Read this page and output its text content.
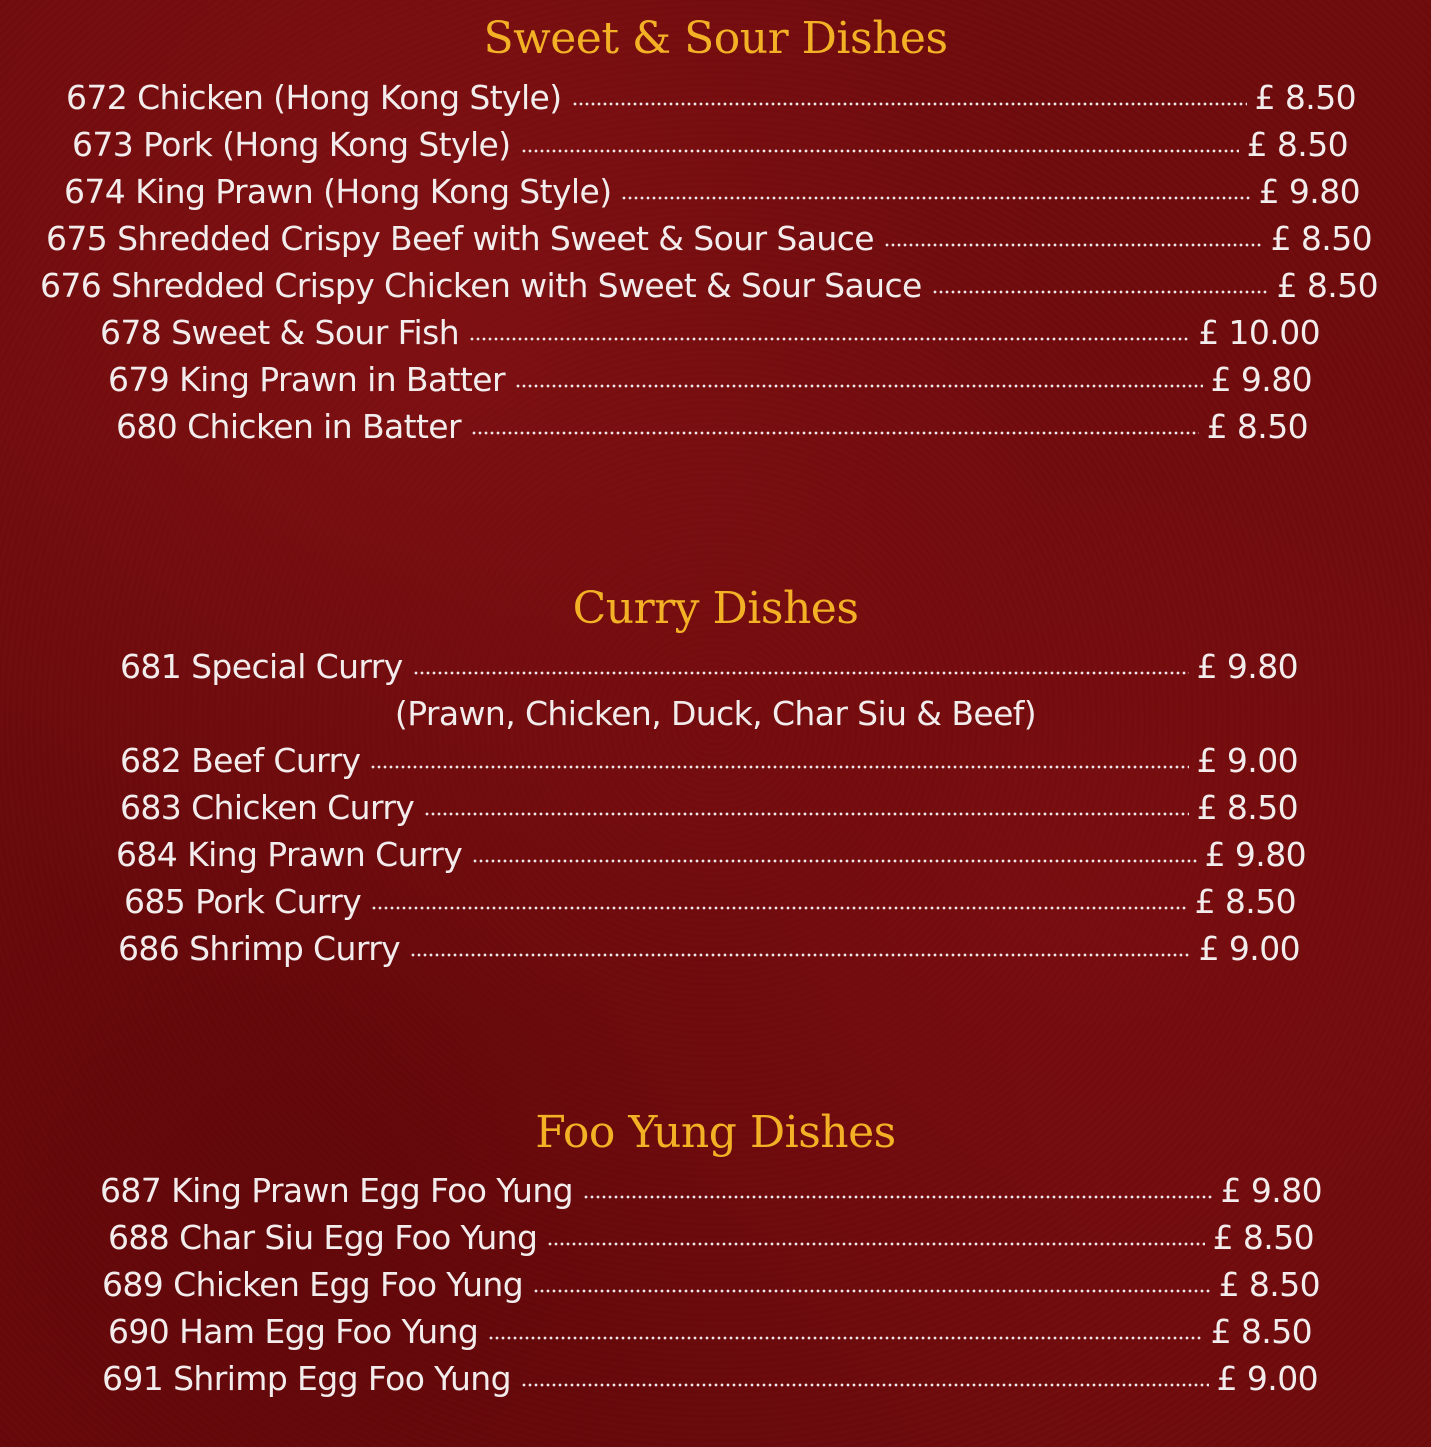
Sweet & Sour Dishes
672 Chicken (Hong Kong Style)	£ 8.50
673 Pork (Hong Kong Style)	£ 8.50
674 King Prawn (Hong Kong Style)	£ 9.80
675 Shredded Crispy Beef with Sweet & Sour Sauce	£ 8.50
676 Shredded Crispy Chicken with Sweet & Sour Sauce	£ 8.50
678 Sweet & Sour Fish	£ 10.00
679 King Prawn in Batter	£ 9.80
680 Chicken in Batter	£ 8.50
Curry Dishes
681 Special Curry	£ 9.80
(Prawn, Chicken, Duck, Char Siu & Beef)
682 Beef Curry	£ 9.00
683 Chicken Curry	£ 8.50
684 King Prawn Curry	£ 9.80
685 Pork Curry	£ 8.50
686 Shrimp Curry	£ 9.00
Foo Yung Dishes
687 King Prawn Egg Foo Yung	£ 9.80
688 Char Siu Egg Foo Yung	£ 8.50
689 Chicken Egg Foo Yung	£ 8.50
690 Ham Egg Foo Yung	£ 8.50
691 Shrimp Egg Foo Yung	£ 9.00
